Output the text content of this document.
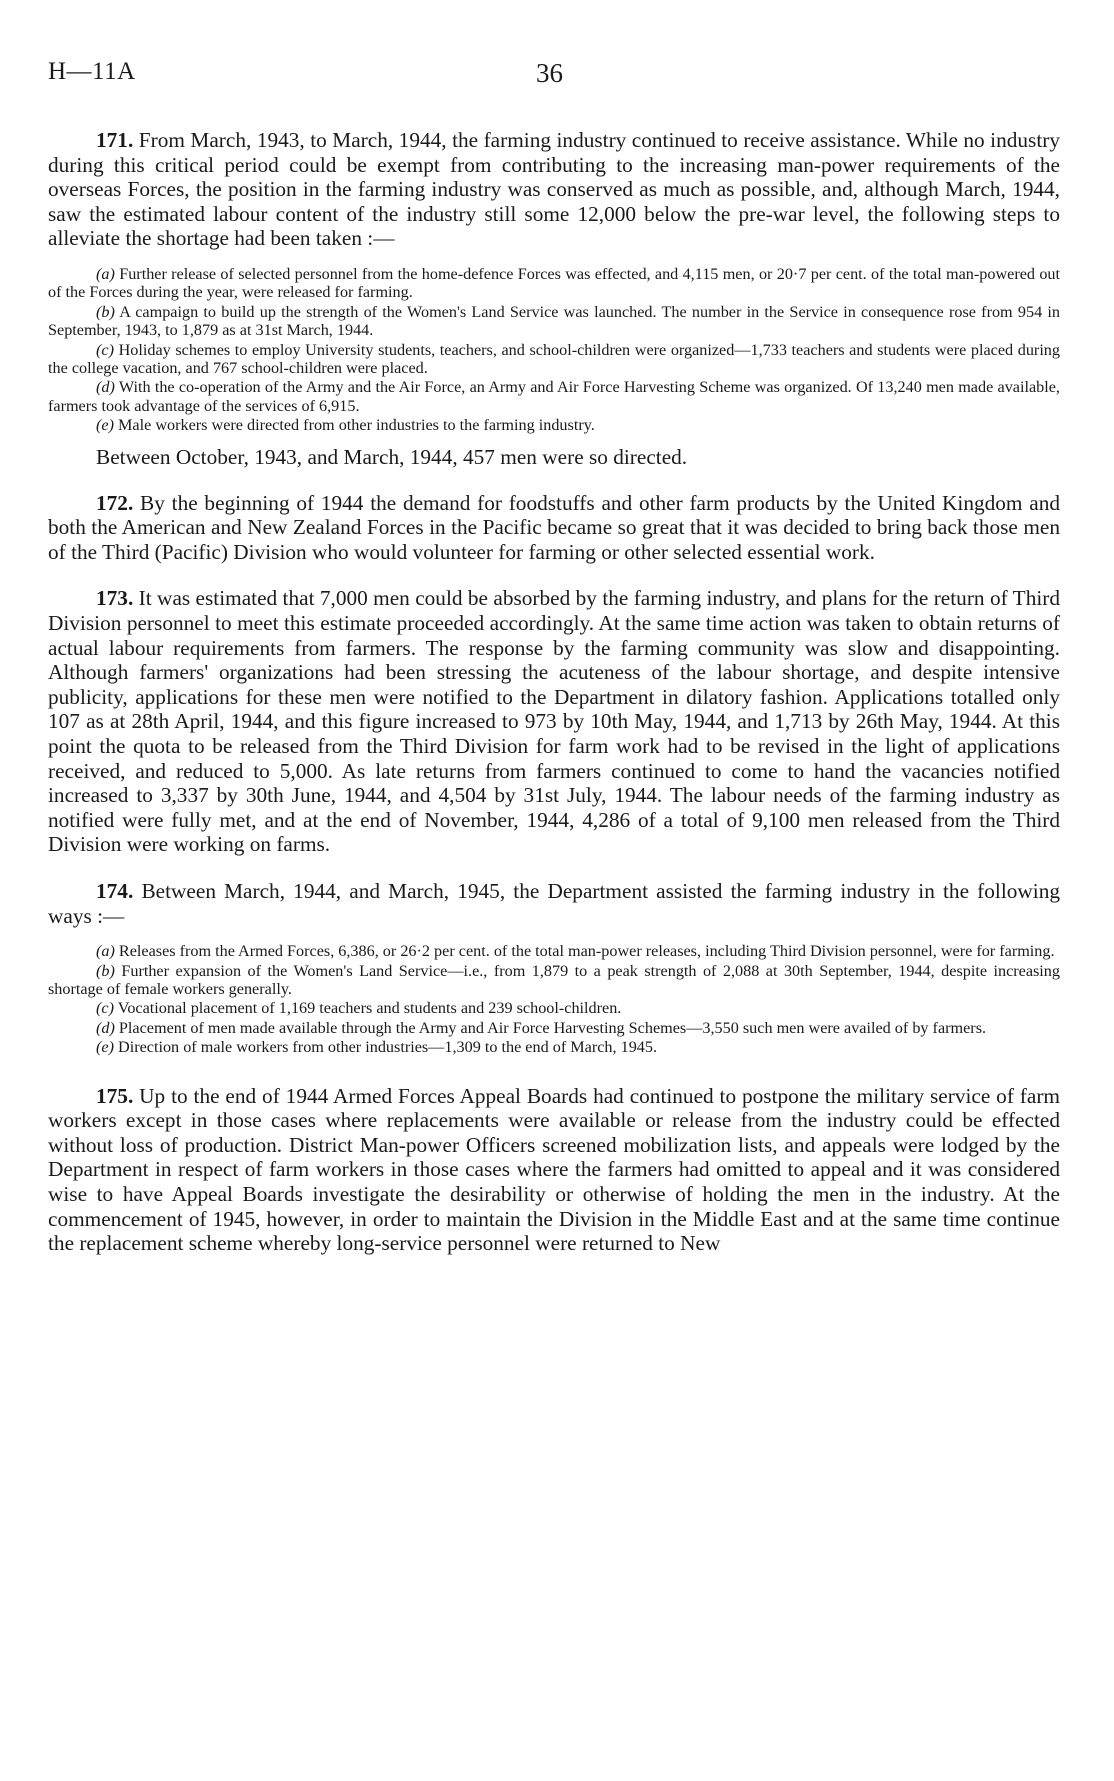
H—11A	36

171. From March, 1943, to March, 1944, the farming industry continued to receive assistance. While no industry during this critical period could be exempt from contributing to the increasing man-power requirements of the overseas Forces, the position in the farming industry was conserved as much as possible, and, although March, 1944, saw the estimated labour content of the industry still some 12,000 below the pre-war level, the following steps to alleviate the shortage had been taken :—

(a) Further release of selected personnel from the home-defence Forces was effected, and 4,115 men, or 20·7 per cent. of the total man-powered out of the Forces during the year, were released for farming.

(b) A campaign to build up the strength of the Women's Land Service was launched. The number in the Service in consequence rose from 954 in September, 1943, to 1,879 as at 31st March, 1944.

(c) Holiday schemes to employ University students, teachers, and school-children were organized—1,733 teachers and students were placed during the college vacation, and 767 school-children were placed.

(d) With the co-operation of the Army and the Air Force, an Army and Air Force Harvesting Scheme was organized. Of 13,240 men made available, farmers took advantage of the services of 6,915.

(e) Male workers were directed from other industries to the farming industry.

Between October, 1943, and March, 1944, 457 men were so directed.

172. By the beginning of 1944 the demand for foodstuffs and other farm products by the United Kingdom and both the American and New Zealand Forces in the Pacific became so great that it was decided to bring back those men of the Third (Pacific) Division who would volunteer for farming or other selected essential work.

173. It was estimated that 7,000 men could be absorbed by the farming industry, and plans for the return of Third Division personnel to meet this estimate proceeded accordingly. At the same time action was taken to obtain returns of actual labour requirements from farmers. The response by the farming community was slow and disappointing. Although farmers' organizations had been stressing the acuteness of the labour shortage, and despite intensive publicity, applications for these men were notified to the Department in dilatory fashion. Applications totalled only 107 as at 28th April, 1944, and this figure increased to 973 by 10th May, 1944, and 1,713 by 26th May, 1944. At this point the quota to be released from the Third Division for farm work had to be revised in the light of applications received, and reduced to 5,000. As late returns from farmers continued to come to hand the vacancies notified increased to 3,337 by 30th June, 1944, and 4,504 by 31st July, 1944. The labour needs of the farming industry as notified were fully met, and at the end of November, 1944, 4,286 of a total of 9,100 men released from the Third Division were working on farms.

174. Between March, 1944, and March, 1945, the Department assisted the farming industry in the following ways :—

(a) Releases from the Armed Forces, 6,386, or 26·2 per cent. of the total man-power releases, including Third Division personnel, were for farming.

(b) Further expansion of the Women's Land Service—i.e., from 1,879 to a peak strength of 2,088 at 30th September, 1944, despite increasing shortage of female workers generally.

(c) Vocational placement of 1,169 teachers and students and 239 school-children.

(d) Placement of men made available through the Army and Air Force Harvesting Schemes—3,550 such men were availed of by farmers.

(e) Direction of male workers from other industries—1,309 to the end of March, 1945.

175. Up to the end of 1944 Armed Forces Appeal Boards had continued to postpone the military service of farm workers except in those cases where replacements were available or release from the industry could be effected without loss of production. District Man-power Officers screened mobilization lists, and appeals were lodged by the Department in respect of farm workers in those cases where the farmers had omitted to appeal and it was considered wise to have Appeal Boards investigate the desirability or otherwise of holding the men in the industry. At the commencement of 1945, however, in order to maintain the Division in the Middle East and at the same time continue the replacement scheme whereby long-service personnel were returned to New
